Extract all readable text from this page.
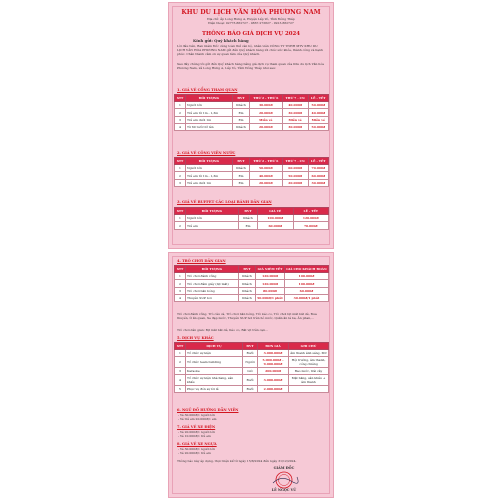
KHU DU LỊCH VĂN HÓA PHƯƠNG NAM
Địa chỉ: Ấp Long Hưng A, Huyện Lấp Vò, Tỉnh Đồng Tháp
Điện thoại: 02773.882727 - 0867.273827 - 0913.882727
THÔNG BÁO GIÁ DỊCH VỤ 2024
Kính gửi: Quý khách hàng
Lời đầu tiên, Ban Giám Đốc cùng toàn thể cán bộ, nhân viên CÔNG TY TNHH MTV KHU DU LỊCH VĂN HÓA PHƯƠNG NAM gửi đến Quý khách hàng lời chúc sức khỏe, thành công và hạnh phúc. Chân thành cảm ơn sự quan tâm của Quý khách.
Sau đây chúng tôi gửi đến Quý khách hàng bảng giá dịch vụ tham quan của Khu du lịch Văn hóa Phương Nam, xã Long Hưng A, Lấp Vò, Tỉnh Đồng Tháp như sau:
1. GIÁ VÉ CỔNG THAM QUAN
STT	ĐỐI TƯỢNG	ĐVT	THỨ 2 - THỨ 6	THỨ 7 - CN	LỄ - TẾT
1	Người lớn	Khách	30.000đ	40.000đ	50.000đ
2	Trẻ em từ 1m - 1,3m	Em	20.000đ	30.000đ	40.000đ
3	Trẻ em dưới 1m	Em	Miễn vé	Miễn vé	Miễn vé
4	Từ 60 tuổi trở lên	Khách	20.000đ	30.000đ	50.000đ
2. GIÁ VÉ CÔNG VIÊN NƯỚC
STT	ĐỐI TƯỢNG	ĐVT	THỨ 2 - THỨ 6	THỨ 7 - CN	LỄ - TẾT
1	Người lớn	Khách	50.000đ	60.000đ	70.000đ
2	Trẻ em từ 1m - 1,3m	Em	40.000đ	50.000đ	60.000đ
3	Trẻ em dưới 1m	Em	20.000đ	20.000đ	30.000đ
3. GIÁ VÉ BUFFET CÁC LOẠI BÁNH DÂN GIAN
STT	ĐỐI TƯỢNG	ĐVT	GIÁ VÉ	LỄ - TẾT
1	Người lớn	Khách	100.000đ	120.000đ
2	Trẻ em	Em	60.000đ	70.000đ
4. TRÒ CHƠI DÂN GIAN
STT	ĐỐI TƯỢNG	ĐVT	GIÁ NIÊM YẾT	GIÁ CHO KHÁCH ĐOÀN
1	Trò chơi đánh võng	Khách	120.000đ	100.000đ
2	Trò chơi đâm giầy (bịt mắt)	Khách	120.000đ	100.000đ
3	Trò chơi bắn bóng	Khách	80.000đ	60.000đ
4	Thuyền SUP bơi	Khách	50.000đ/1 phút	30.000đ/1 phút
Trò chơi đánh võng, Trò câu cá, Trò chơi bắn bóng, Trò kéo co, Trò chơi bịt mắt bắt dê, Đua thuyền, Ô ăn quan, Xe đạp nước, Thuyền SUP bơi trên hồ nước, Quăn ăn lá ba, Ăn phan,...
Trò chơi dân gian: Bịt mắt bắt dê, Kéo co, Bắt vịt trên cạn...
5. DỊCH VỤ KHÁC
STT	DỊCH VỤ	ĐVT	ĐƠN GIÁ	GHI CHÚ
1	Tổ chức sự kiện	Buổi	3.000.000đ	Âm thanh ánh sáng, MC
2	Tổ chức team building	Người	5.000.000đ - 9.000.000đ	Hội trường, âm thanh, cồng chiêng
3	Karaoke	Giờ	200.000đ	Bao nước, trái cây
4	Tổ chức sự kiện nhà hàng, sân khấu	Buổi	3.000.000đ	Mặt bằng, sân khấu + âm thanh
5	Phục vụ đón sự lời lẽ	Buổi	2.000.000đ	
6. NGỦ ĐỒ HƯỚNG DẪN VIÊN
- Vé 30.000đ/1 người lớn
- Vé trẻ em 20.000đ/1 em
7. GIÁ VÉ XE ĐIỆN
- Vé 20.000đ/1 người lớn
- Vé 10.000đ/1 trẻ em
8. GIÁ VÉ XE NGỰA
- Vé 30.000đ/1 người lớn
- Vé 20.000đ/1 trẻ em
Thông báo này áp dụng, thực hiện kể từ ngày 15/8/2024 đến ngày 31/12/2024.
GIÁM ĐỐC
LÊ NGỌC VŨ
